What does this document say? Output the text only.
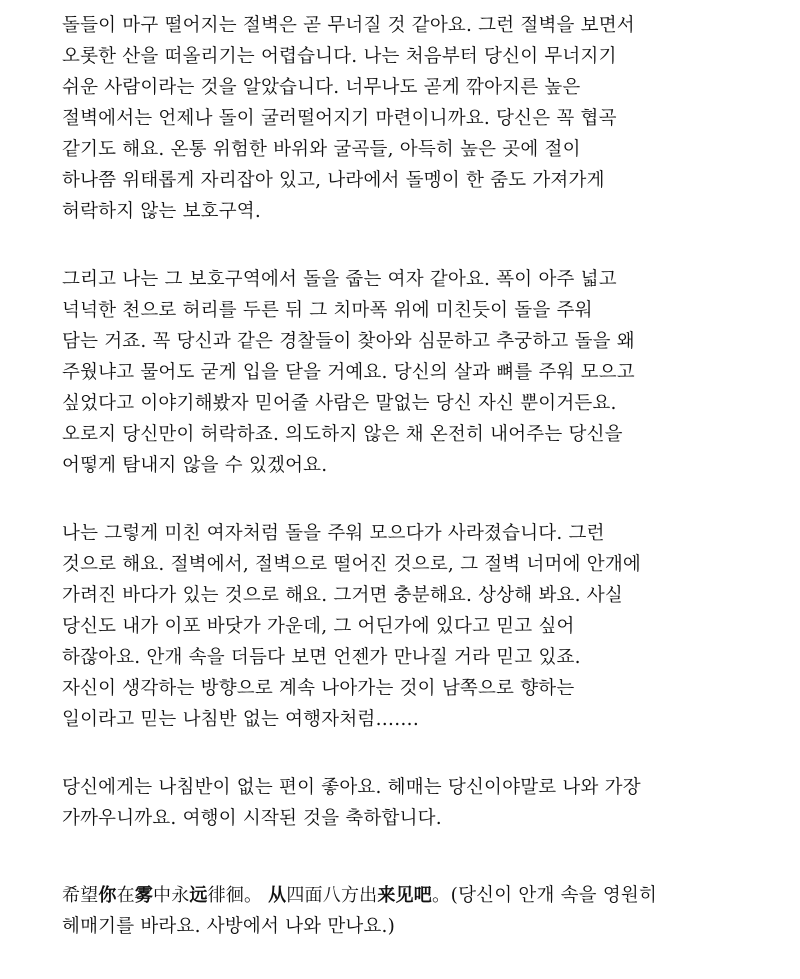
돌들이 마구 떨어지는 절벽은 곧 무너질 것 같아요. 그런 절벽을 보면서
오롯한 산을 떠올리기는 어렵습니다. 나는 처음부터 당신이 무너지기
쉬운 사람이라는 것을 알았습니다. 너무나도 곧게 깎아지른 높은
절벽에서는 언제나 돌이 굴러떨어지기 마련이니까요. 당신은 꼭 협곡
같기도 해요. 온통 위험한 바위와 굴곡들, 아득히 높은 곳에 절이
하나쯤 위태롭게 자리잡아 있고, 나라에서 돌멩이 한 줌도 가져가게
허락하지 않는 보호구역.
그리고 나는 그 보호구역에서 돌을 줍는 여자 같아요. 폭이 아주 넓고
넉넉한 천으로 허리를 두른 뒤 그 치마폭 위에 미친듯이 돌을 주워
담는 거죠. 꼭 당신과 같은 경찰들이 찾아와 심문하고 추궁하고 돌을 왜
주웠냐고 물어도 굳게 입을 닫을 거예요. 당신의 살과 뼈를 주워 모으고
싶었다고 이야기해봤자 믿어줄 사람은 말없는 당신 자신 뿐이거든요.
오로지 당신만이 허락하죠. 의도하지 않은 채 온전히 내어주는 당신을
어떻게 탐내지 않을 수 있겠어요.
나는 그렇게 미친 여자처럼 돌을 주워 모으다가 사라졌습니다. 그런
것으로 해요. 절벽에서, 절벽으로 떨어진 것으로, 그 절벽 너머에 안개에
가려진 바다가 있는 것으로 해요. 그거면 충분해요. 상상해 봐요. 사실
당신도 내가 이포 바닷가 가운데, 그 어딘가에 있다고 믿고 싶어
하잖아요. 안개 속을 더듬다 보면 언젠가 만나질 거라 믿고 있죠.
자신이 생각하는 방향으로 계속 나아가는 것이 남쪽으로 향하는
일이라고 믿는 나침반 없는 여행자처럼…….
당신에게는 나침반이 없는 편이 좋아요. 헤매는 당신이야말로 나와 가장
가까우니까요. 여행이 시작된 것을 축하합니다.
希望你在雾中永远徘徊。 从四面八方出来见吧。(당신이 안개 속을 영원히
헤매기를 바라요. 사방에서 나와 만나요.)
